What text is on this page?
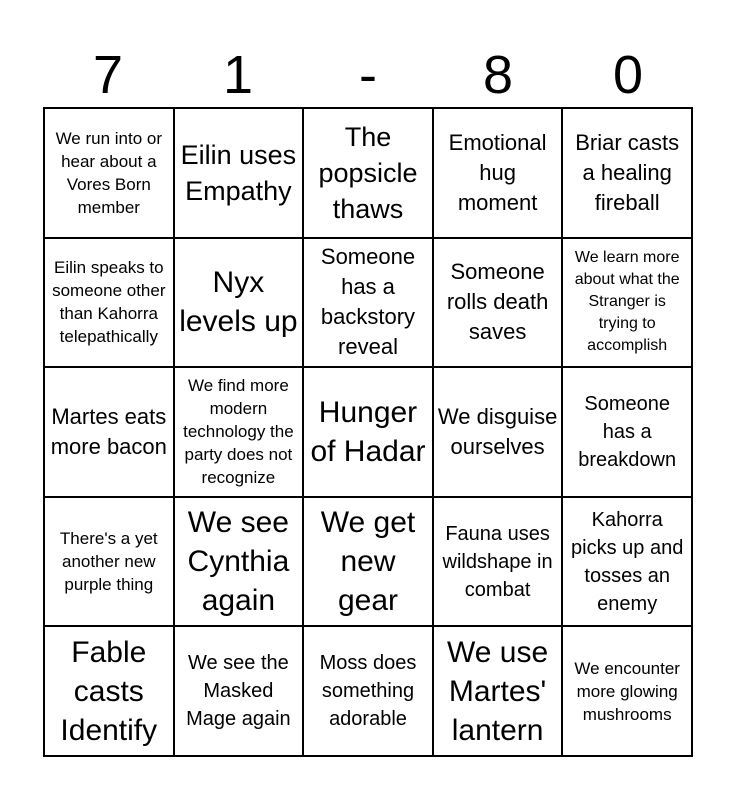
7	1	-	8	0
We run into or hear about a Vores Born member
Eilin uses Empathy
The popsicle thaws
Emotional hug moment
Briar casts a healing fireball
Eilin speaks to someone other than Kahorra telepathically
Nyx levels up
Someone has a backstory reveal
Someone rolls death saves
We learn more about what the Stranger is trying to accomplish
Martes eats more bacon
We find more modern technology the party does not recognize
Hunger of Hadar
We disguise ourselves
Someone has a breakdown
There's a yet another new purple thing
We see Cynthia again
We get new gear
Fauna uses wildshape in combat
Kahorra picks up and tosses an enemy
Fable casts Identify
We see the Masked Mage again
Moss does something adorable
We use Martes' lantern
We encounter more glowing mushrooms
